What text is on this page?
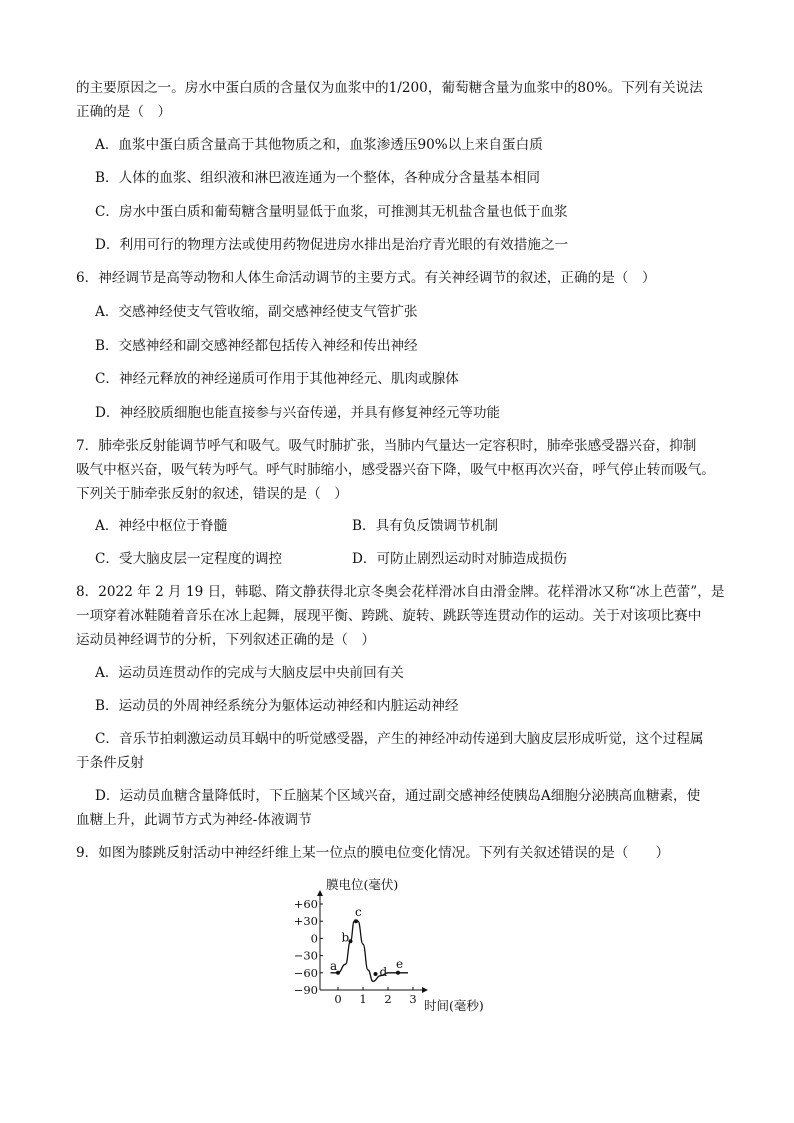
的主要原因之一。房水中蛋白质的含量仅为血浆中的1/200，葡萄糖含量为血浆中的80%。下列有关说法
正确的是（　）
A．血浆中蛋白质含量高于其他物质之和，血浆渗透压90%以上来自蛋白质
B．人体的血浆、组织液和淋巴液连通为一个整体，各种成分含量基本相同
C．房水中蛋白质和葡萄糖含量明显低于血浆，可推测其无机盐含量也低于血浆
D．利用可行的物理方法或使用药物促进房水排出是治疗青光眼的有效措施之一
6．神经调节是高等动物和人体生命活动调节的主要方式。有关神经调节的叙述，正确的是（　）
A．交感神经使支气管收缩，副交感神经使支气管扩张
B．交感神经和副交感神经都包括传入神经和传出神经
C．神经元释放的神经递质可作用于其他神经元、肌肉或腺体
D．神经胶质细胞也能直接参与兴奋传递，并具有修复神经元等功能
7．肺牵张反射能调节呼气和吸气。吸气时肺扩张，当肺内气量达一定容积时，肺牵张感受器兴奋，抑制
吸气中枢兴奋，吸气转为呼气。呼气时肺缩小，感受器兴奋下降，吸气中枢再次兴奋，呼气停止转而吸气。
下列关于肺牵张反射的叙述，错误的是（　）
A．神经中枢位于脊髓	B．具有负反馈调节机制
C．受大脑皮层一定程度的调控	D．可防止剧烈运动时对肺造成损伤
8．2022 年 2 月 19 日，韩聪、隋文静获得北京冬奥会花样滑冰自由滑金牌。花样滑冰又称“冰上芭蕾”，是
一项穿着冰鞋随着音乐在冰上起舞，展现平衡、跨跳、旋转、跳跃等连贯动作的运动。关于对该项比赛中
运动员神经调节的分析，下列叙述正确的是（　）
A．运动员连贯动作的完成与大脑皮层中央前回有关
B．运动员的外周神经系统分为躯体运动神经和内脏运动神经
C．音乐节拍刺激运动员耳蜗中的听觉感受器，产生的神经冲动传递到大脑皮层形成听觉，这个过程属
于条件反射
D．运动员血糖含量降低时，下丘脑某个区域兴奋，通过副交感神经使胰岛A细胞分泌胰高血糖素，使
血糖上升，此调节方式为神经-体液调节
9．如图为膝跳反射活动中神经纤维上某一位点的膜电位变化情况。下列有关叙述错误的是（　　）
+60
+30
0
−30
−60
−90
0 1 2 3
a
b
c
d
e
膜电位(毫伏)
时间(毫秒)
